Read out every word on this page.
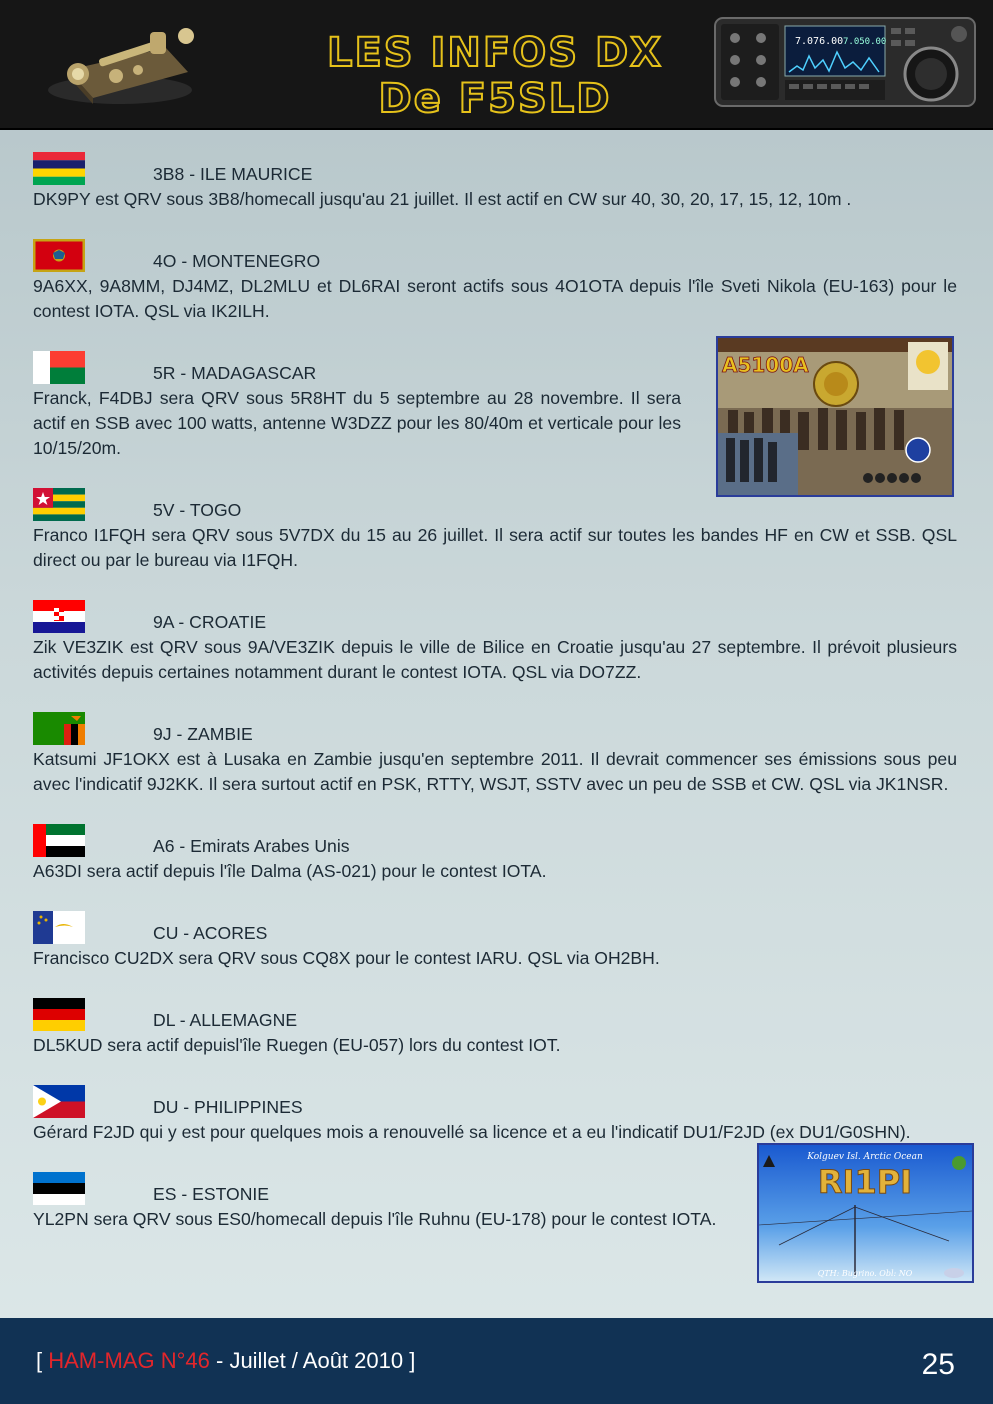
LES INFOS DX
De F5SLD
7.076.00 7.050.00
3B8 - ILE MAURICE
DK9PY est QRV sous 3B8/homecall jusqu'au 21 juillet. Il est actif en CW sur 40, 30, 20, 17, 15, 12, 10m .
4O - MONTENEGRO
9A6XX, 9A8MM, DJ4MZ, DL2MLU et DL6RAI seront actifs sous 4O1OTA depuis l'île Sveti Nikola (EU-163) pour le contest IOTA. QSL via IK2ILH.
5R - MADAGASCAR
Franck, F4DBJ sera QRV sous 5R8HT du 5 septembre au 28 novembre. Il sera actif en SSB avec 100 watts, antenne W3DZZ pour les 80/40m et verticale pour les 10/15/20m.
5V - TOGO
Franco I1FQH sera QRV sous 5V7DX du 15 au 26 juillet. Il sera actif sur toutes les bandes HF en CW et SSB. QSL direct ou par le bureau via I1FQH.
9A - CROATIE
Zik VE3ZIK est QRV sous 9A/VE3ZIK depuis le ville de Bilice en Croatie jusqu'au 27 septembre. Il prévoit plusieurs activités depuis certaines notamment durant le contest IOTA. QSL via DO7ZZ.
9J - ZAMBIE
Katsumi JF1OKX est à Lusaka en Zambie jusqu'en septembre 2011. Il devrait commencer ses émissions sous peu avec l'indicatif 9J2KK. Il sera surtout actif en PSK, RTTY, WSJT, SSTV avec un peu de SSB et CW. QSL via JK1NSR.
A6 - Emirats Arabes Unis
A63DI sera actif depuis l'île Dalma (AS-021) pour le contest IOTA.
CU - ACORES
Francisco CU2DX sera QRV sous CQ8X pour le contest IARU. QSL via OH2BH.
DL - ALLEMAGNE
DL5KUD sera actif depuisl'île Ruegen (EU-057) lors du contest IOT.
DU - PHILIPPINES
Gérard F2JD qui y est pour quelques mois a renouvellé sa licence et a eu l'indicatif DU1/F2JD (ex DU1/G0SHN).
ES - ESTONIE
YL2PN sera QRV sous ES0/homecall depuis l'île Ruhnu (EU-178) pour le contest IOTA.
A5100A
Kolguev Isl. Arctic Ocean
RI1PI
QTH: Bugrino. Obl: NO
[ HAM-MAG N°46 - Juillet / Août 2010 ]	25
